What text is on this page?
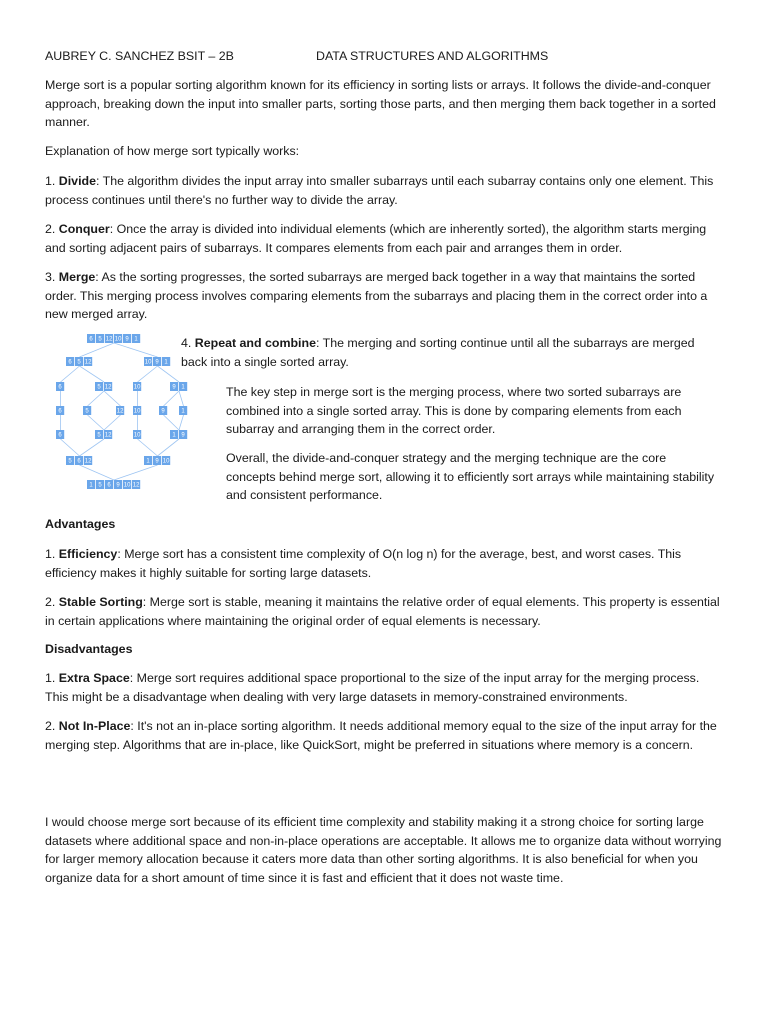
AUBREY C. SANCHEZ BSIT – 2B	DATA STRUCTURES AND ALGORITHMS

Merge sort is a popular sorting algorithm known for its efficiency in sorting lists or arrays. It follows the divide-and-conquer approach, breaking down the input into smaller parts, sorting those parts, and then merging them back together in a sorted manner.

Explanation of how merge sort typically works:

1. Divide: The algorithm divides the input array into smaller subarrays until each subarray contains only one element. This process continues until there's no further way to divide the array.

2. Conquer: Once the array is divided into individual elements (which are inherently sorted), the algorithm starts merging and sorting adjacent pairs of subarrays. It compares elements from each pair and arranges them in order.

3. Merge: As the sorting progresses, the sorted subarrays are merged back together in a way that maintains the sorted order. This merging process involves comparing elements from the subarrays and placing them in the correct order into a new merged array.

4. Repeat and combine: The merging and sorting continue until all the subarrays are merged back into a single sorted array.

The key step in merge sort is the merging process, where two sorted subarrays are combined into a single sorted array. This is done by comparing elements from each subarray and arranging them in the correct order.

Overall, the divide-and-conquer strategy and the merging technique are the core concepts behind merge sort, allowing it to efficiently sort arrays while maintaining stability and consistent performance.

Advantages

1. Efficiency: Merge sort has a consistent time complexity of O(n log n) for the average, best, and worst cases. This efficiency makes it highly suitable for sorting large datasets.

2. Stable Sorting: Merge sort is stable, meaning it maintains the relative order of equal elements. This property is essential in certain applications where maintaining the original order of equal elements is necessary.

Disadvantages

1. Extra Space: Merge sort requires additional space proportional to the size of the input array for the merging process. This might be a disadvantage when dealing with very large datasets in memory-constrained environments.

2. Not In-Place: It's not an in-place sorting algorithm. It needs additional memory equal to the size of the input array for the merging step. Algorithms that are in-place, like QuickSort, might be preferred in situations where memory is a concern.

I would choose merge sort because of its efficient time complexity and stability making it a strong choice for sorting large datasets where additional space and non-in-place operations are acceptable. It allows me to organize data without worrying for larger memory allocation because it caters more data than other sorting algorithms. It is also beneficial for when you organize data for a short amount of time since it is fast and efficient that it does not waste time.

6 5 12 10 9 1
6 5 12	10 9 1
6	5 12	10	9 1
6	5	12 10	9	1
6	5 12	10	1 9
5 6 12	1 9 10
1 5 6 9 10 12
